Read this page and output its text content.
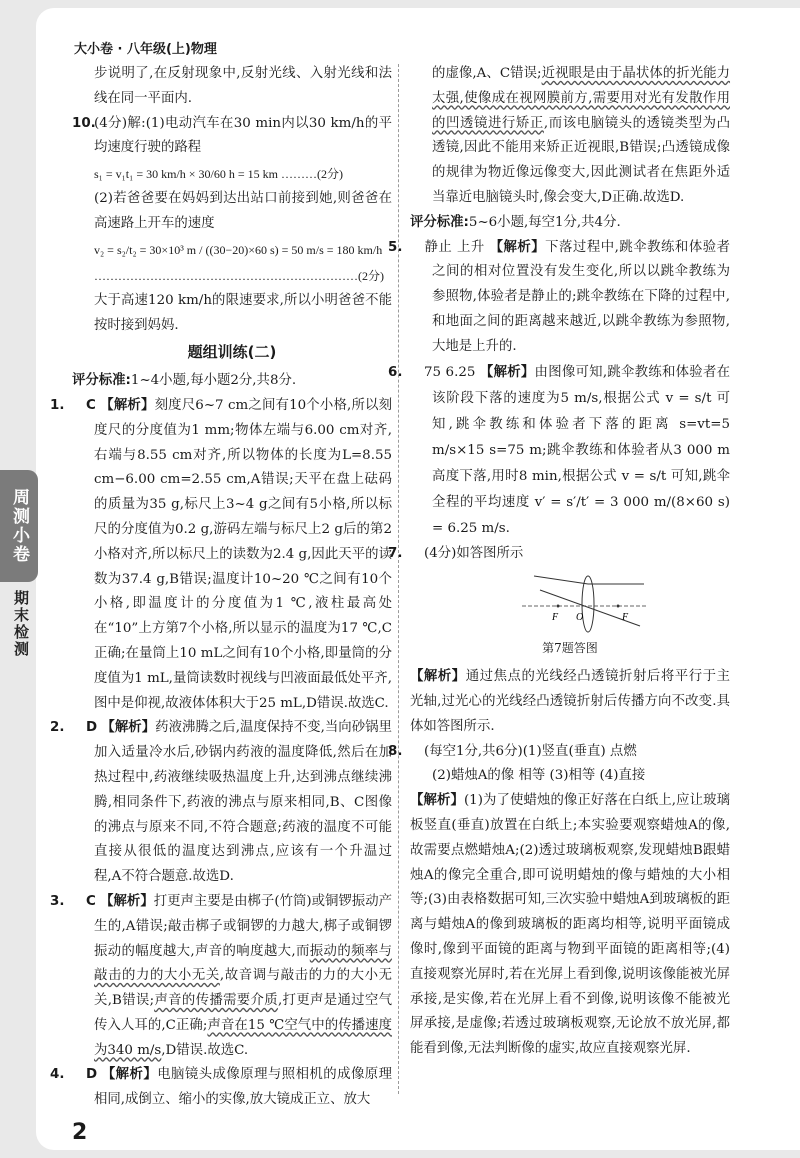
大小卷 · 八年级(上)物理
周测小卷
期末检测

步说明了,在反射现象中,反射光线、入射光线和法线在同一平面内.

10.(4分)解:(1)电动汽车在30 min内以30 km/h的平均速度行驶的路程

s₁ = v₁t₁ = 30 km/h × 30/60 h = 15 km ………(2分)

(2)若爸爸要在妈妈到达出站口前接到她,则爸爸在高速路上开车的速度

v₂ = s₂/t₂ = 30×10³ m / ((30−20)×60 s) = 50 m/s = 180 km/h

…………………………………………………………(2分)

大于高速120 km/h的限速要求,所以小明爸爸不能按时接到妈妈.

题组训练(二)

评分标准:1~4小题,每小题2分,共8分.

1. C 【解析】刻度尺6~7 cm之间有10个小格,所以刻度尺的分度值为1 mm;物体左端与6.00 cm对齐,右端与8.55 cm对齐,所以物体的长度为L=8.55 cm−6.00 cm=2.55 cm,A错误;天平在盘上砝码的质量为35 g,标尺上3~4 g之间有5小格,所以标尺的分度值为0.2 g,游码左端与标尺上2 g后的第2小格对齐,所以标尺上的读数为2.4 g,因此天平的读数为37.4 g,B错误;温度计10~20 ℃之间有10个小格,即温度计的分度值为1 ℃,液柱最高处在“10”上方第7个小格,所以显示的温度为17 ℃,C正确;在量筒上10 mL之间有10个小格,即量筒的分度值为1 mL,量筒读数时视线与凹液面最低处平齐,图中是仰视,故液体体积大于25 mL,D错误.故选C.

2. D 【解析】药液沸腾之后,温度保持不变,当向砂锅里加入适量冷水后,砂锅内药液的温度降低,然后在加热过程中,药液继续吸热温度上升,达到沸点继续沸腾,相同条件下,药液的沸点与原来相同,B、C图像的沸点与原来不同,不符合题意;药液的温度不可能直接从很低的温度达到沸点,应该有一个升温过程,A不符合题意.故选D.

3. C 【解析】打更声主要是由梆子(竹筒)或铜锣振动产生的,A错误;敲击梆子或铜锣的力越大,梆子或铜锣振动的幅度越大,声音的响度越大,而振动的频率与敲击的力的大小无关,故音调与敲击的力的大小无关,B错误;声音的传播需要介质,打更声是通过空气传入人耳的,C正确;声音在15 ℃空气中的传播速度为340 m/s,D错误.故选C.

4. D 【解析】电脑镜头成像原理与照相机的成像原理相同,成倒立、缩小的实像,放大镜成正立、放大

的虚像,A、C错误;近视眼是由于晶状体的折光能力太强,使像成在视网膜前方,需要用对光有发散作用的凹透镜进行矫正,而该电脑镜头的透镜类型为凸透镜,因此不能用来矫正近视眼,B错误;凸透镜成像的规律为物近像远像变大,因此测试者在焦距外适当靠近电脑镜头时,像会变大,D正确.故选D.

评分标准:5~6小题,每空1分,共4分.

5. 静止 上升 【解析】下落过程中,跳伞教练和体验者之间的相对位置没有发生变化,所以以跳伞教练为参照物,体验者是静止的;跳伞教练在下降的过程中,和地面之间的距离越来越近,以跳伞教练为参照物,大地是上升的.

6. 75 6.25 【解析】由图像可知,跳伞教练和体验者在该阶段下落的速度为5 m/s,根据公式 v = s/t 可知,跳伞教练和体验者下落的距离 s=vt=5 m/s×15 s=75 m;跳伞教练和体验者从3 000 m高度下落,用时8 min,根据公式 v = s/t 可知,跳伞全程的平均速度 v′ = s′/t′ = 3 000 m/(8×60 s) = 6.25 m/s.

7. (4分)如答图所示

F O	F

第7题答图

【解析】通过焦点的光线经凸透镜折射后将平行于主光轴,过光心的光线经凸透镜折射后传播方向不改变.具体如答图所示.

8. (每空1分,共6分)(1)竖直(垂直) 点燃

(2)蜡烛A的像 相等 (3)相等 (4)直接

【解析】(1)为了使蜡烛的像正好落在白纸上,应让玻璃板竖直(垂直)放置在白纸上;本实验要观察蜡烛A的像,故需要点燃蜡烛A;(2)透过玻璃板观察,发现蜡烛B跟蜡烛A的像完全重合,即可说明蜡烛的像与蜡烛的大小相等;(3)由表格数据可知,三次实验中蜡烛A到玻璃板的距离与蜡烛A的像到玻璃板的距离均相等,说明平面镜成像时,像到平面镜的距离与物到平面镜的距离相等;(4)直接观察光屏时,若在光屏上看到像,说明该像能被光屏承接,是实像,若在光屏上看不到像,说明该像不能被光屏承接,是虚像;若透过玻璃板观察,无论放不放光屏,都能看到像,无法判断像的虚实,故应直接观察光屏.

2
